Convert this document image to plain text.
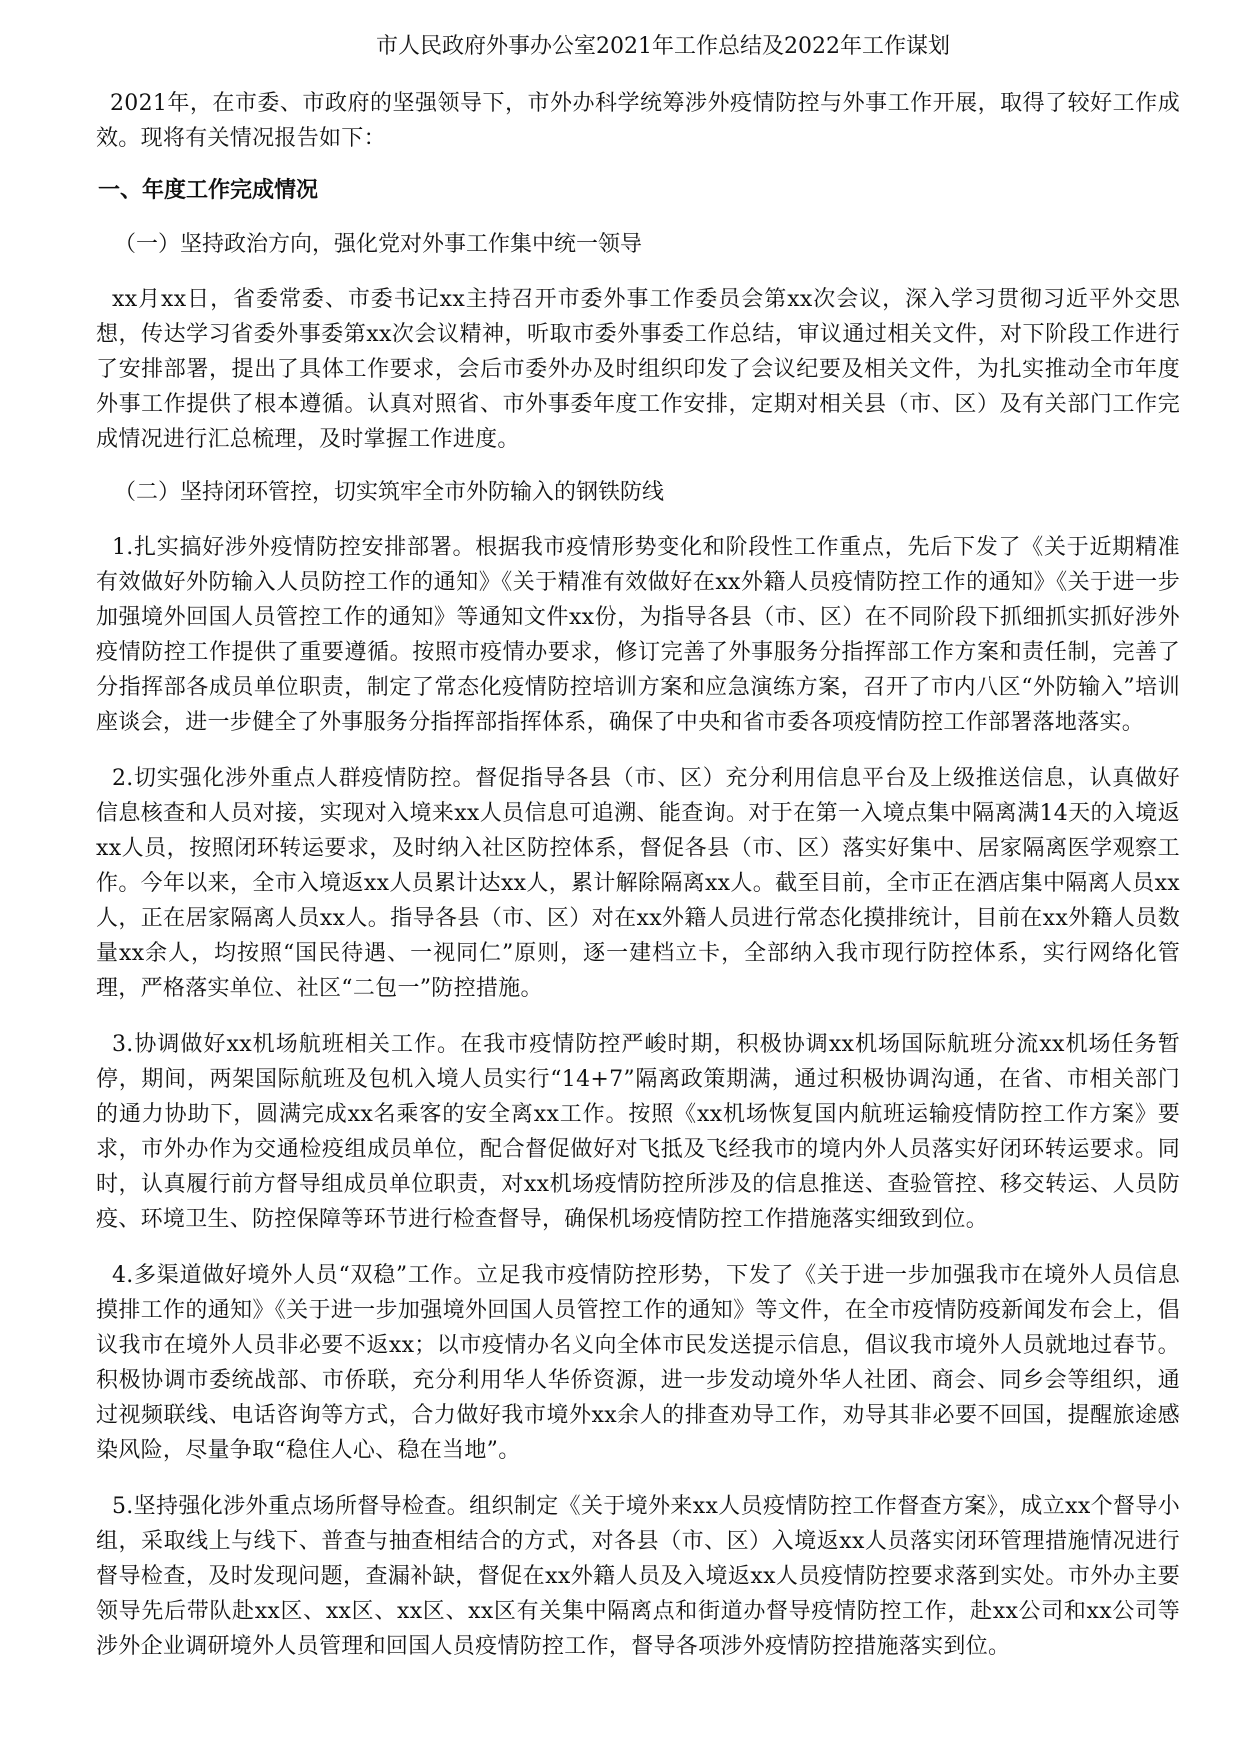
市人民政府外事办公室2021年工作总结及2022年工作谋划

2021年，在市委、市政府的坚强领导下，市外办科学统筹涉外疫情防控与外事工作开展，取得了较好工作成效。现将有关情况报告如下：

一、年度工作完成情况
（一）坚持政治方向，强化党对外事工作集中统一领导

xx月xx日，省委常委、市委书记xx主持召开市委外事工作委员会第xx次会议，深入学习贯彻习近平外交思想，传达学习省委外事委第xx次会议精神，听取市委外事委工作总结，审议通过相关文件，对下阶段工作进行了安排部署，提出了具体工作要求，会后市委外办及时组织印发了会议纪要及相关文件，为扎实推动全市年度外事工作提供了根本遵循。认真对照省、市外事委年度工作安排，定期对相关县（市、区）及有关部门工作完成情况进行汇总梳理，及时掌握工作进度。

（二）坚持闭环管控，切实筑牢全市外防输入的钢铁防线

1.扎实搞好涉外疫情防控安排部署。根据我市疫情形势变化和阶段性工作重点，先后下发了《关于近期精准有效做好外防输入人员防控工作的通知》《关于精准有效做好在xx外籍人员疫情防控工作的通知》《关于进一步加强境外回国人员管控工作的通知》等通知文件xx份，为指导各县（市、区）在不同阶段下抓细抓实抓好涉外疫情防控工作提供了重要遵循。按照市疫情办要求，修订完善了外事服务分指挥部工作方案和责任制，完善了分指挥部各成员单位职责，制定了常态化疫情防控培训方案和应急演练方案，召开了市内八区“外防输入”培训座谈会，进一步健全了外事服务分指挥部指挥体系，确保了中央和省市委各项疫情防控工作部署落地落实。

2.切实强化涉外重点人群疫情防控。督促指导各县（市、区）充分利用信息平台及上级推送信息，认真做好信息核查和人员对接，实现对入境来xx人员信息可追溯、能查询。对于在第一入境点集中隔离满14天的入境返xx人员，按照闭环转运要求，及时纳入社区防控体系，督促各县（市、区）落实好集中、居家隔离医学观察工作。今年以来，全市入境返xx人员累计达xx人，累计解除隔离xx人。截至目前，全市正在酒店集中隔离人员xx人，正在居家隔离人员xx人。指导各县（市、区）对在xx外籍人员进行常态化摸排统计，目前在xx外籍人员数量xx余人，均按照“国民待遇、一视同仁”原则，逐一建档立卡，全部纳入我市现行防控体系，实行网络化管理，严格落实单位、社区“二包一”防控措施。

3.协调做好xx机场航班相关工作。在我市疫情防控严峻时期，积极协调xx机场国际航班分流xx机场任务暂停，期间，两架国际航班及包机入境人员实行“14+7”隔离政策期满，通过积极协调沟通，在省、市相关部门的通力协助下，圆满完成xx名乘客的安全离xx工作。按照《xx机场恢复国内航班运输疫情防控工作方案》要求，市外办作为交通检疫组成员单位，配合督促做好对飞抵及飞经我市的境内外人员落实好闭环转运要求。同时，认真履行前方督导组成员单位职责，对xx机场疫情防控所涉及的信息推送、查验管控、移交转运、人员防疫、环境卫生、防控保障等环节进行检查督导，确保机场疫情防控工作措施落实细致到位。

4.多渠道做好境外人员“双稳”工作。立足我市疫情防控形势，下发了《关于进一步加强我市在境外人员信息摸排工作的通知》《关于进一步加强境外回国人员管控工作的通知》等文件，在全市疫情防疫新闻发布会上，倡议我市在境外人员非必要不返xx；以市疫情办名义向全体市民发送提示信息，倡议我市境外人员就地过春节。积极协调市委统战部、市侨联，充分利用华人华侨资源，进一步发动境外华人社团、商会、同乡会等组织，通过视频联线、电话咨询等方式，合力做好我市境外xx余人的排查劝导工作，劝导其非必要不回国，提醒旅途感染风险，尽量争取“稳住人心、稳在当地”。

5.坚持强化涉外重点场所督导检查。组织制定《关于境外来xx人员疫情防控工作督查方案》，成立xx个督导小组，采取线上与线下、普查与抽查相结合的方式，对各县（市、区）入境返xx人员落实闭环管理措施情况进行督导检查，及时发现问题，查漏补缺，督促在xx外籍人员及入境返xx人员疫情防控要求落到实处。市外办主要领导先后带队赴xx区、xx区、xx区、xx区有关集中隔离点和街道办督导疫情防控工作，赴xx公司和xx公司等涉外企业调研境外人员管理和回国人员疫情防控工作，督导各项涉外疫情防控措施落实到位。
